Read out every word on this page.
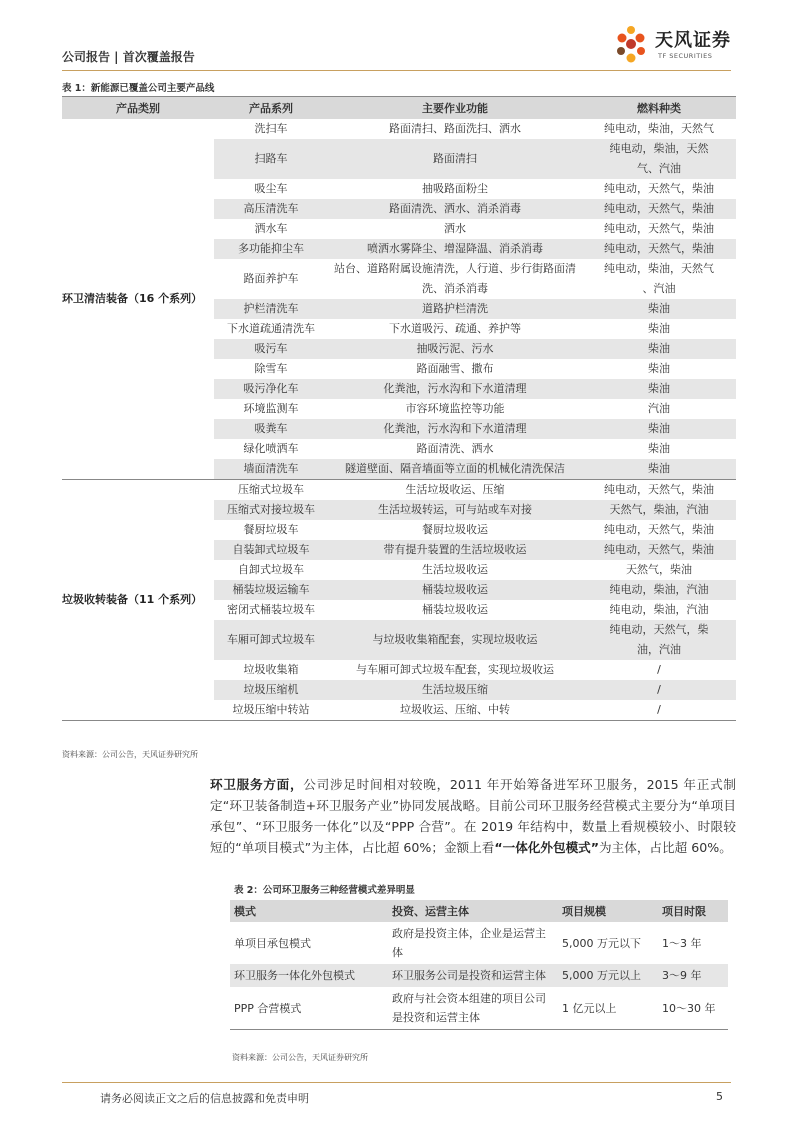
公司报告 | 首次覆盖报告
天风证券
TF SECURITIES
表 1：新能源已覆盖公司主要产品线
产品类别	产品系列	主要作业功能	燃料种类
环卫清洁装备（16 个系列）	洗扫车	路面清扫、路面洗扫、洒水	纯电动，柴油，天然气
	扫路车	路面清扫	纯电动，柴油，天然气、汽油
	吸尘车	抽吸路面粉尘	纯电动，天然气，柴油
	高压清洗车	路面清洗、洒水、消杀消毒	纯电动，天然气，柴油
	洒水车	洒水	纯电动，天然气，柴油
	多功能抑尘车	喷洒水雾降尘、增湿降温、消杀消毒	纯电动，天然气，柴油
	路面养护车	站台、道路附属设施清洗，人行道、步行街路面清洗、消杀消毒	纯电动，柴油，天然气 、汽油
	护栏清洗车	道路护栏清洗	柴油
	下水道疏通清洗车	下水道吸污、疏通、养护等	柴油
	吸污车	抽吸污泥、污水	柴油
	除雪车	路面融雪、撒布	柴油
	吸污净化车	化粪池，污水沟和下水道清理	柴油
	环境监测车	市容环境监控等功能	汽油
	吸粪车	化粪池，污水沟和下水道清理	柴油
	绿化喷洒车	路面清洗、洒水	柴油
	墙面清洗车	隧道壁面、隔音墙面等立面的机械化清洗保洁	柴油
垃圾收转装备（11 个系列）	压缩式垃圾车	生活垃圾收运、压缩	纯电动，天然气，柴油
	压缩式对接垃圾车	生活垃圾转运，可与站或车对接	天然气，柴油，汽油
	餐厨垃圾车	餐厨垃圾收运	纯电动，天然气，柴油
	自装卸式垃圾车	带有提升装置的生活垃圾收运	纯电动，天然气，柴油
	自卸式垃圾车	生活垃圾收运	天然气，柴油
	桶装垃圾运输车	桶装垃圾收运	纯电动，柴油，汽油
	密闭式桶装垃圾车	桶装垃圾收运	纯电动，柴油，汽油
	车厢可卸式垃圾车	与垃圾收集箱配套，实现垃圾收运	纯电动，天然气，柴油，汽油
	垃圾收集箱	与车厢可卸式垃圾车配套，实现垃圾收运	/
	垃圾压缩机	生活垃圾压缩	/
	垃圾压缩中转站	垃圾收运、压缩、中转	/
资料来源：公司公告，天风证券研究所
环卫服务方面，公司涉足时间相对较晚，2011 年开始筹备进军环卫服务，2015 年正式制定“环卫装备制造+环卫服务产业”协同发展战略。目前公司环卫服务经营模式主要分为“单项目承包”、“环卫服务一体化”以及“PPP 合营”。在 2019 年结构中，数量上看规模较小、时限较短的“单项目模式”为主体，占比超 60%；金额上看“一体化外包模式”为主体，占比超 60%。
表 2：公司环卫服务三种经营模式差异明显
模式	投资、运营主体	项目规模	项目时限
单项目承包模式	政府是投资主体，企业是运营主体	5,000 万元以下	1～3 年
环卫服务一体化外包模式	环卫服务公司是投资和运营主体	5,000 万元以上	3～9 年
PPP 合营模式	政府与社会资本组建的项目公司是投资和运营主体	1 亿元以上	10～30 年
资料来源：公司公告，天风证券研究所
请务必阅读正文之后的信息披露和免责申明	5
